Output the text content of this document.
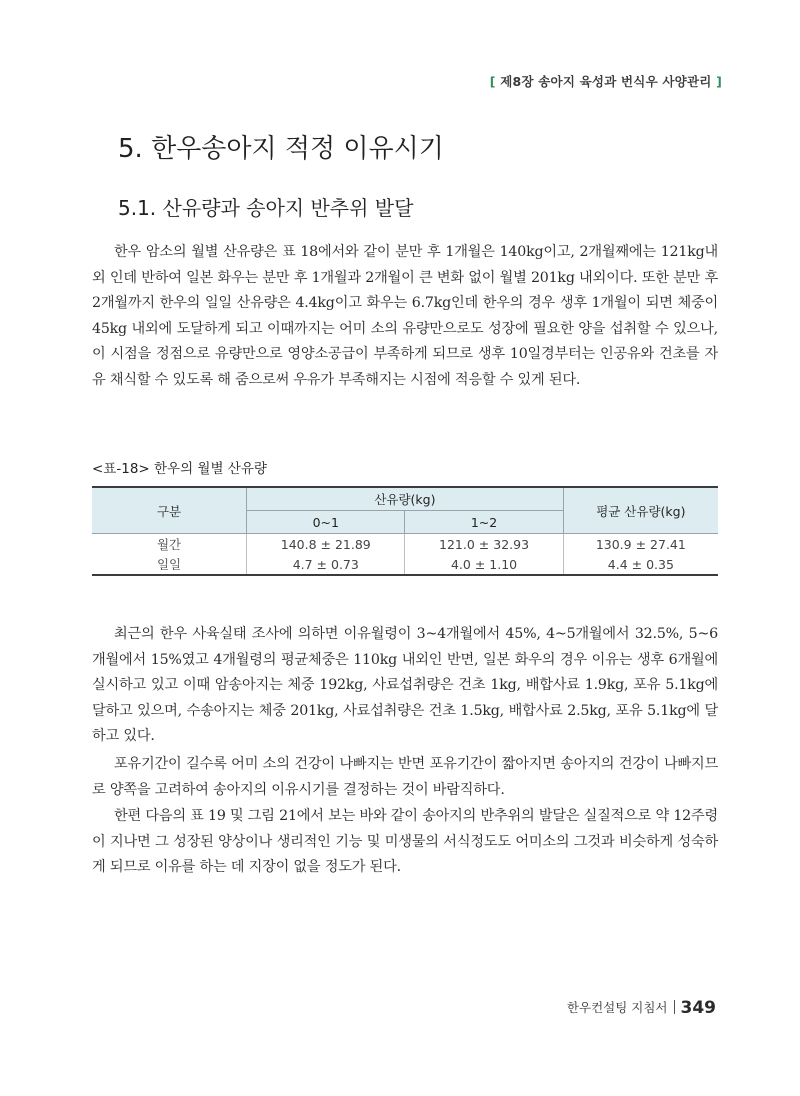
[ 제8장 송아지 육성과 번식우 사양관리 ]
5. 한우송아지 적정 이유시기
5.1. 산유량과 송아지 반추위 발달

한우 암소의 월별 산유량은 표 18에서와 같이 분만 후 1개월은 140kg이고, 2개월째에는 121kg내외 인데 반하여 일본 화우는 분만 후 1개월과 2개월이 큰 변화 없이 월별 201kg 내외이다. 또한 분만 후 2개월까지 한우의 일일 산유량은 4.4kg이고 화우는 6.7kg인데 한우의 경우 생후 1개월이 되면 체중이 45kg 내외에 도달하게 되고 이때까지는 어미 소의 유량만으로도 성장에 필요한 양을 섭취할 수 있으나, 이 시점을 정점으로 유량만으로 영양소공급이 부족하게 되므로 생후 10일경부터는 인공유와 건초를 자유 채식할 수 있도록 해 줌으로써 우유가 부족해지는 시점에 적응할 수 있게 된다.

<표-18> 한우의 월별 산유량
구분	산유량(kg)		평균 산유량(kg)
	0~1	1~2	
월간	140.8 ± 21.89	121.0 ± 32.93	130.9 ± 27.41
일일	4.7 ± 0.73	4.0 ± 1.10	4.4 ± 0.35

최근의 한우 사육실태 조사에 의하면 이유월령이 3~4개월에서 45%, 4~5개월에서 32.5%, 5~6개월에서 15%였고 4개월령의 평균체중은 110kg 내외인 반면, 일본 화우의 경우 이유는 생후 6개월에 실시하고 있고 이때 암송아지는 체중 192kg, 사료섭취량은 건초 1kg, 배합사료 1.9kg, 포유 5.1kg에 달하고 있으며, 수송아지는 체중 201kg, 사료섭취량은 건초 1.5kg, 배합사료 2.5kg, 포유 5.1kg에 달하고 있다.

포유기간이 길수록 어미 소의 건강이 나빠지는 반면 포유기간이 짧아지면 송아지의 건강이 나빠지므로 양쪽을 고려하여 송아지의 이유시기를 결정하는 것이 바람직하다.

한편 다음의 표 19 및 그림 21에서 보는 바와 같이 송아지의 반추위의 발달은 실질적으로 약 12주령이 지나면 그 성장된 양상이나 생리적인 기능 및 미생물의 서식정도도 어미소의 그것과 비슷하게 성숙하게 되므로 이유를 하는 데 지장이 없을 정도가 된다.

한우컨설팅 지침서 349
